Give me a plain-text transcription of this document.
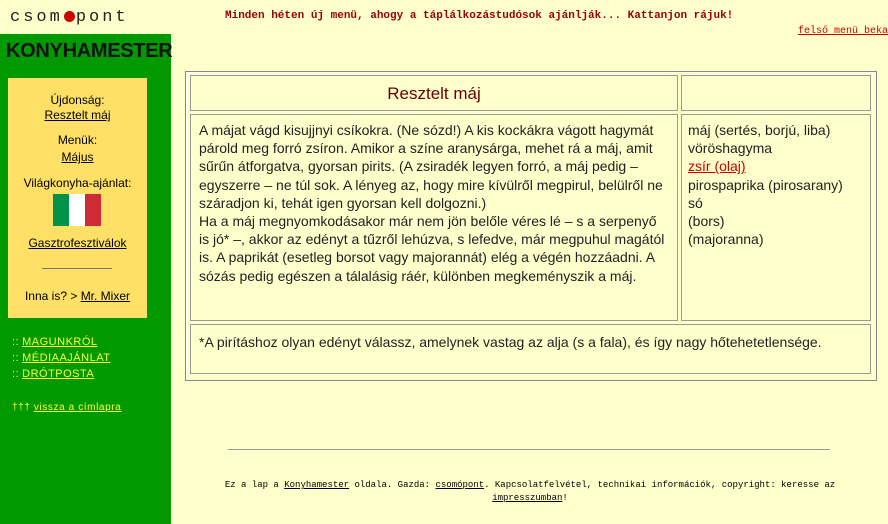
csom pont
KONYHAMESTER
Újdonság:
Resztelt máj
Menük:
Május
Világkonyha-ajánlat:
Gasztrofesztiválok
Inna is? > Mr. Mixer
:: MAGUNKRÓL
:: MÉDIAAJÁNLAT
:: DRÓTPOSTA
††† vissza a címlapra
Minden héten új menü, ahogy a táplálkozástudósok ajánlják... Kattanjon rájuk!
felső menü beka
Resztelt máj
A májat vágd kisujjnyi csíkokra. (Ne sózd!) A kis kockákra vágott hagymát párold meg forró zsíron. Amikor a színe aranysárga, mehet rá a máj, amit sűrűn átforgatva, gyorsan pirits. (A zsiradék legyen forró, a máj pedig – egyszerre – ne túl sok. A lényeg az, hogy mire kívülről megpirul, belülről ne száradjon ki, tehát igen gyorsan kell dolgozni.)
Ha a máj megnyomkodásakor már nem jön belőle véres lé – s a serpenyő is jó* –, akkor az edényt a tűzről lehúzva, s lefedve, már megpuhul magától is. A paprikát (esetleg borsot vagy majorannát) elég a végén hozzáadni. A sózás pedig egészen a tálalásig ráér, különben megkeményszik a máj.
máj (sertés, borjú, liba)
vöröshagyma
zsír (olaj)
pirospaprika (pirosarany)
só
(bors)
(majoranna)
*A pirításhoz olyan edényt válassz, amelynek vastag az alja (s a fala), és így nagy hőtehetetlensége.
Ez a lap a Konyhamester oldala. Gazda: csomópont. Kapcsolatfelvétel, technikai információk, copyright: keresse az
impresszumban!
